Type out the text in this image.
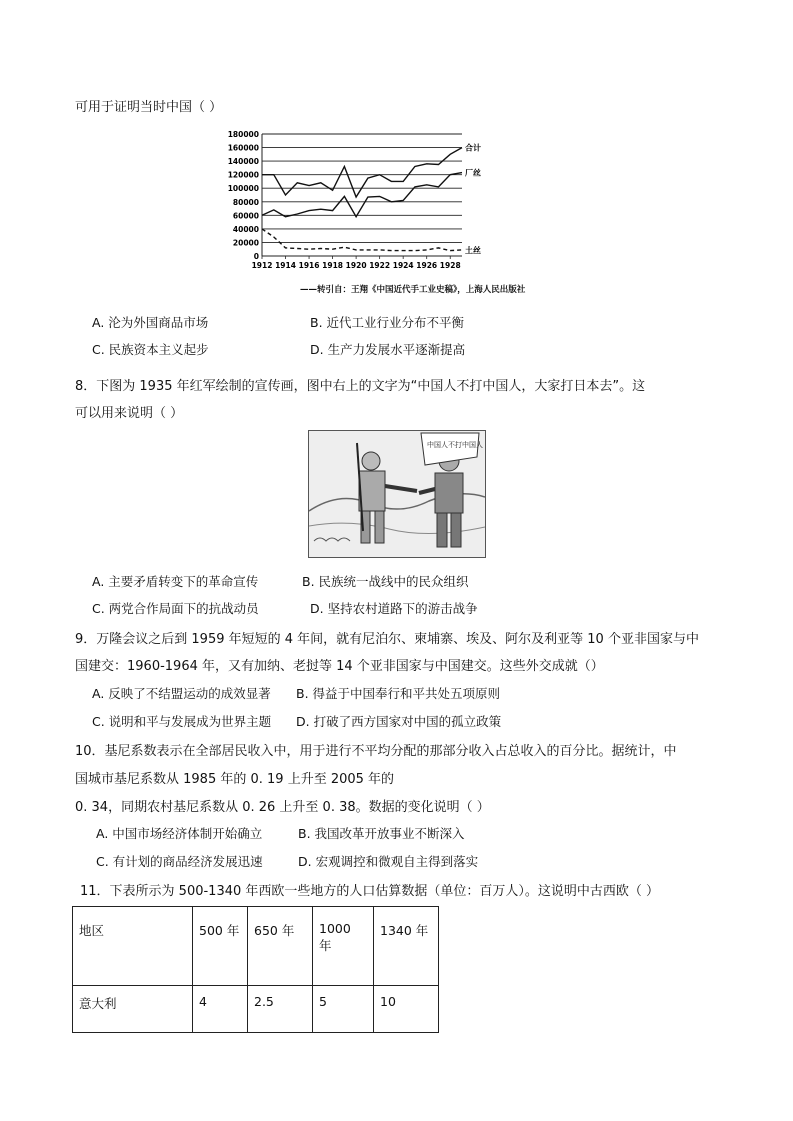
可用于证明当时中国（ ）
0
20000
40000
60000
80000
100000
120000
140000
160000
180000
1912 1914 1916 1918 1920 1922 1924 1926 1928
合计
厂丝
土丝
——转引自：王翔《中国近代手工业史稿》，上海人民出版社
A. 沦为外国商品市场	B. 近代工业行业分布不平衡
C. 民族资本主义起步	D. 生产力发展水平逐渐提高
8．下图为 1935 年红军绘制的宣传画，图中右上的文字为“中国人不打中国人，大家打日本去”。这
可以用来说明（ ）
中国人不打中国人
A. 主要矛盾转变下的革命宣传	B. 民族统一战线中的民众组织
C. 两党合作局面下的抗战动员	D. 坚持农村道路下的游击战争
9．万隆会议之后到 1959 年短短的 4 年间，就有尼泊尔、柬埔寨、埃及、阿尔及利亚等 10 个亚非国家与中
国建交：1960-1964 年，又有加纳、老挝等 14 个亚非国家与中国建交。这些外交成就（）
A. 反映了不结盟运动的成效显著 B. 得益于中国奉行和平共处五项原则
C. 说明和平与发展成为世界主题 D. 打破了西方国家对中国的孤立政策
10．基尼系数表示在全部居民收入中，用于进行不平均分配的那部分收入占总收入的百分比。据统计，中
国城市基尼系数从 1985 年的 0. 19 上升至 2005 年的
0. 34，同期农村基尼系数从 0. 26 上升至 0. 38。数据的变化说明（ ）
A. 中国市场经济体制开始确立	B. 我国改革开放事业不断深入
C. 有计划的商品经济发展迅速	D. 宏观调控和微观自主得到落实
11．下表所示为 500-1340 年西欧一些地方的人口估算数据（单位：百万人）。这说明中古西欧（ ）
地区	500 年	650 年	1000 年	1340 年
意大利	4	2.5	5	10
